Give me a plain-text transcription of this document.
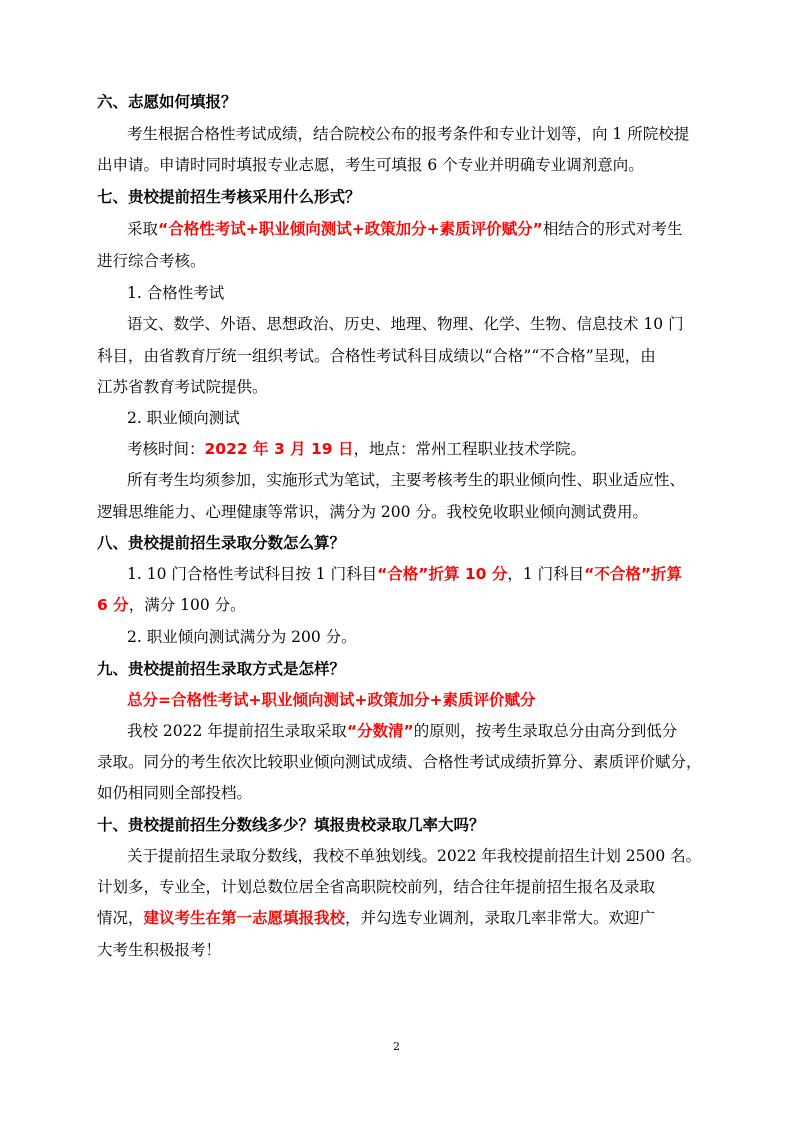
六、志愿如何填报？
考生根据合格性考试成绩，结合院校公布的报考条件和专业计划等，向 1 所院校提
出申请。申请时同时填报专业志愿，考生可填报 6 个专业并明确专业调剂意向。
七、贵校提前招生考核采用什么形式？
采取“合格性考试+职业倾向测试+政策加分+素质评价赋分”相结合的形式对考生
进行综合考核。
1. 合格性考试
语文、数学、外语、思想政治、历史、地理、物理、化学、生物、信息技术 10 门
科目，由省教育厅统一组织考试。合格性考试科目成绩以“合格”“不合格”呈现，由
江苏省教育考试院提供。
2. 职业倾向测试
考核时间：2022 年 3 月 19 日，地点：常州工程职业技术学院。
所有考生均须参加，实施形式为笔试，主要考核考生的职业倾向性、职业适应性、
逻辑思维能力、心理健康等常识，满分为 200 分。我校免收职业倾向测试费用。
八、贵校提前招生录取分数怎么算？
1. 10 门合格性考试科目按 1 门科目“合格”折算 10 分，1 门科目“不合格”折算
6 分，满分 100 分。
2. 职业倾向测试满分为 200 分。
九、贵校提前招生录取方式是怎样？
总分=合格性考试+职业倾向测试+政策加分+素质评价赋分
我校 2022 年提前招生录取采取“分数清”的原则，按考生录取总分由高分到低分
录取。同分的考生依次比较职业倾向测试成绩、合格性考试成绩折算分、素质评价赋分，
如仍相同则全部投档。
十、贵校提前招生分数线多少？填报贵校录取几率大吗？
关于提前招生录取分数线，我校不单独划线。2022 年我校提前招生计划 2500 名。
计划多，专业全，计划总数位居全省高职院校前列，结合往年提前招生报名及录取
情况，建议考生在第一志愿填报我校，并勾选专业调剂，录取几率非常大。欢迎广
大考生积极报考！
2
